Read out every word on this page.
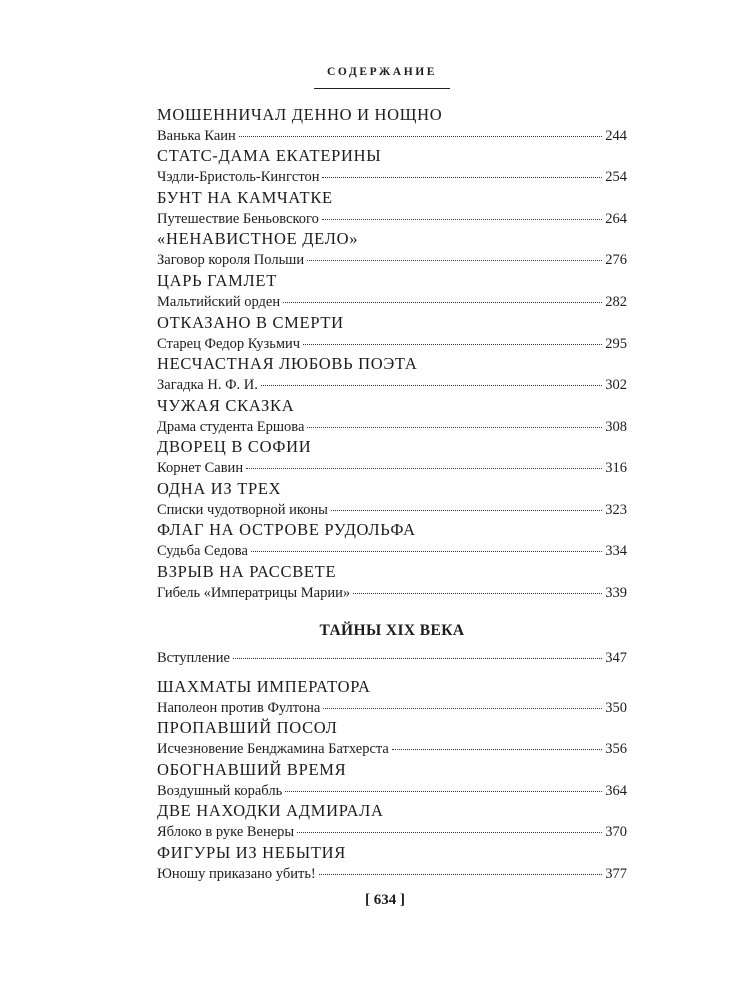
СОДЕРЖАНИЕ
МОШЕННИЧАЛ ДЕННО И НОЩНО
Ванька Каин	244
СТАТС-ДАМА ЕКАТЕРИНЫ
Чэдли-Бристоль-Кингстон	254
БУНТ НА КАМЧАТКЕ
Путешествие Беньовского	264
«НЕНАВИСТНОЕ ДЕЛО»
Заговор короля Польши	276
ЦАРЬ ГАМЛЕТ
Мальтийский орден	282
ОТКАЗАНО В СМЕРТИ
Старец Федор Кузьмич	295
НЕСЧАСТНАЯ ЛЮБОВЬ ПОЭТА
Загадка Н. Ф. И.	302
ЧУЖАЯ СКАЗКА
Драма студента Ершова	308
ДВОРЕЦ В СОФИИ
Корнет Савин	316
ОДНА ИЗ ТРЕХ
Списки чудотворной иконы	323
ФЛАГ НА ОСТРОВЕ РУДОЛЬФА
Судьба Седова	334
ВЗРЫВ НА РАССВЕТЕ
Гибель «Императрицы Марии»	339
ТАЙНЫ XIX ВЕКА
Вступление	347
ШАХМАТЫ ИМПЕРАТОРА
Наполеон против Фултона	350
ПРОПАВШИЙ ПОСОЛ
Исчезновение Бенджамина Батхерста	356
ОБОГНАВШИЙ ВРЕМЯ
Воздушный корабль	364
ДВЕ НАХОДКИ АДМИРАЛА
Яблоко в руке Венеры	370
ФИГУРЫ ИЗ НЕБЫТИЯ
Юношу приказано убить!	377
[ 634 ]
